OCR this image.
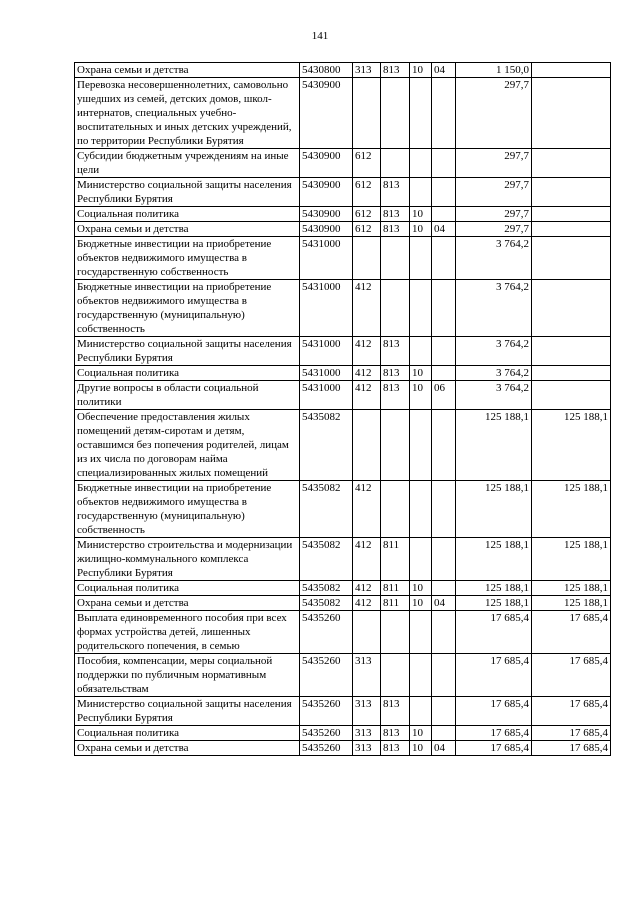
141
Охрана семьи и детства	5430800	313	813	10	04	1 150,0	
Перевозка несовершеннолетних, самовольно ушедших из семей, детских домов, школ-интернатов, специальных учебно-воспитательных и иных детских учреждений, по территории Республики Бурятия	5430900					297,7	
Субсидии бюджетным учреждениям на иные цели	5430900	612				297,7	
Министерство социальной защиты населения Республики Бурятия	5430900	612	813			297,7	
Социальная политика	5430900	612	813	10		297,7	
Охрана семьи и детства	5430900	612	813	10	04	297,7	
Бюджетные инвестиции на приобретение объектов недвижимого имущества в государственную собственность	5431000					3 764,2	
Бюджетные инвестиции на приобретение объектов недвижимого имущества в государственную (муниципальную) собственность	5431000	412				3 764,2	
Министерство социальной защиты населения Республики Бурятия	5431000	412	813			3 764,2	
Социальная политика	5431000	412	813	10		3 764,2	
Другие вопросы в области социальной политики	5431000	412	813	10	06	3 764,2	
Обеспечение предоставления жилых помещений детям-сиротам и детям, оставшимся без попечения родителей, лицам из их числа по договорам найма специализированных жилых помещений	5435082					125 188,1	125 188,1
Бюджетные инвестиции на приобретение объектов недвижимого имущества в государственную (муниципальную) собственность	5435082	412				125 188,1	125 188,1
Министерство строительства и модернизации жилищно-коммунального комплекса Республики Бурятия	5435082	412	811			125 188,1	125 188,1
Социальная политика	5435082	412	811	10		125 188,1	125 188,1
Охрана семьи и детства	5435082	412	811	10	04	125 188,1	125 188,1
Выплата единовременного пособия при всех формах устройства детей, лишенных родительского попечения, в семью	5435260					17 685,4	17 685,4
Пособия, компенсации, меры социальной поддержки по публичным нормативным обязательствам	5435260	313				17 685,4	17 685,4
Министерство социальной защиты населения Республики Бурятия	5435260	313	813			17 685,4	17 685,4
Социальная политика	5435260	313	813	10		17 685,4	17 685,4
Охрана семьи и детства	5435260	313	813	10	04	17 685,4	17 685,4
